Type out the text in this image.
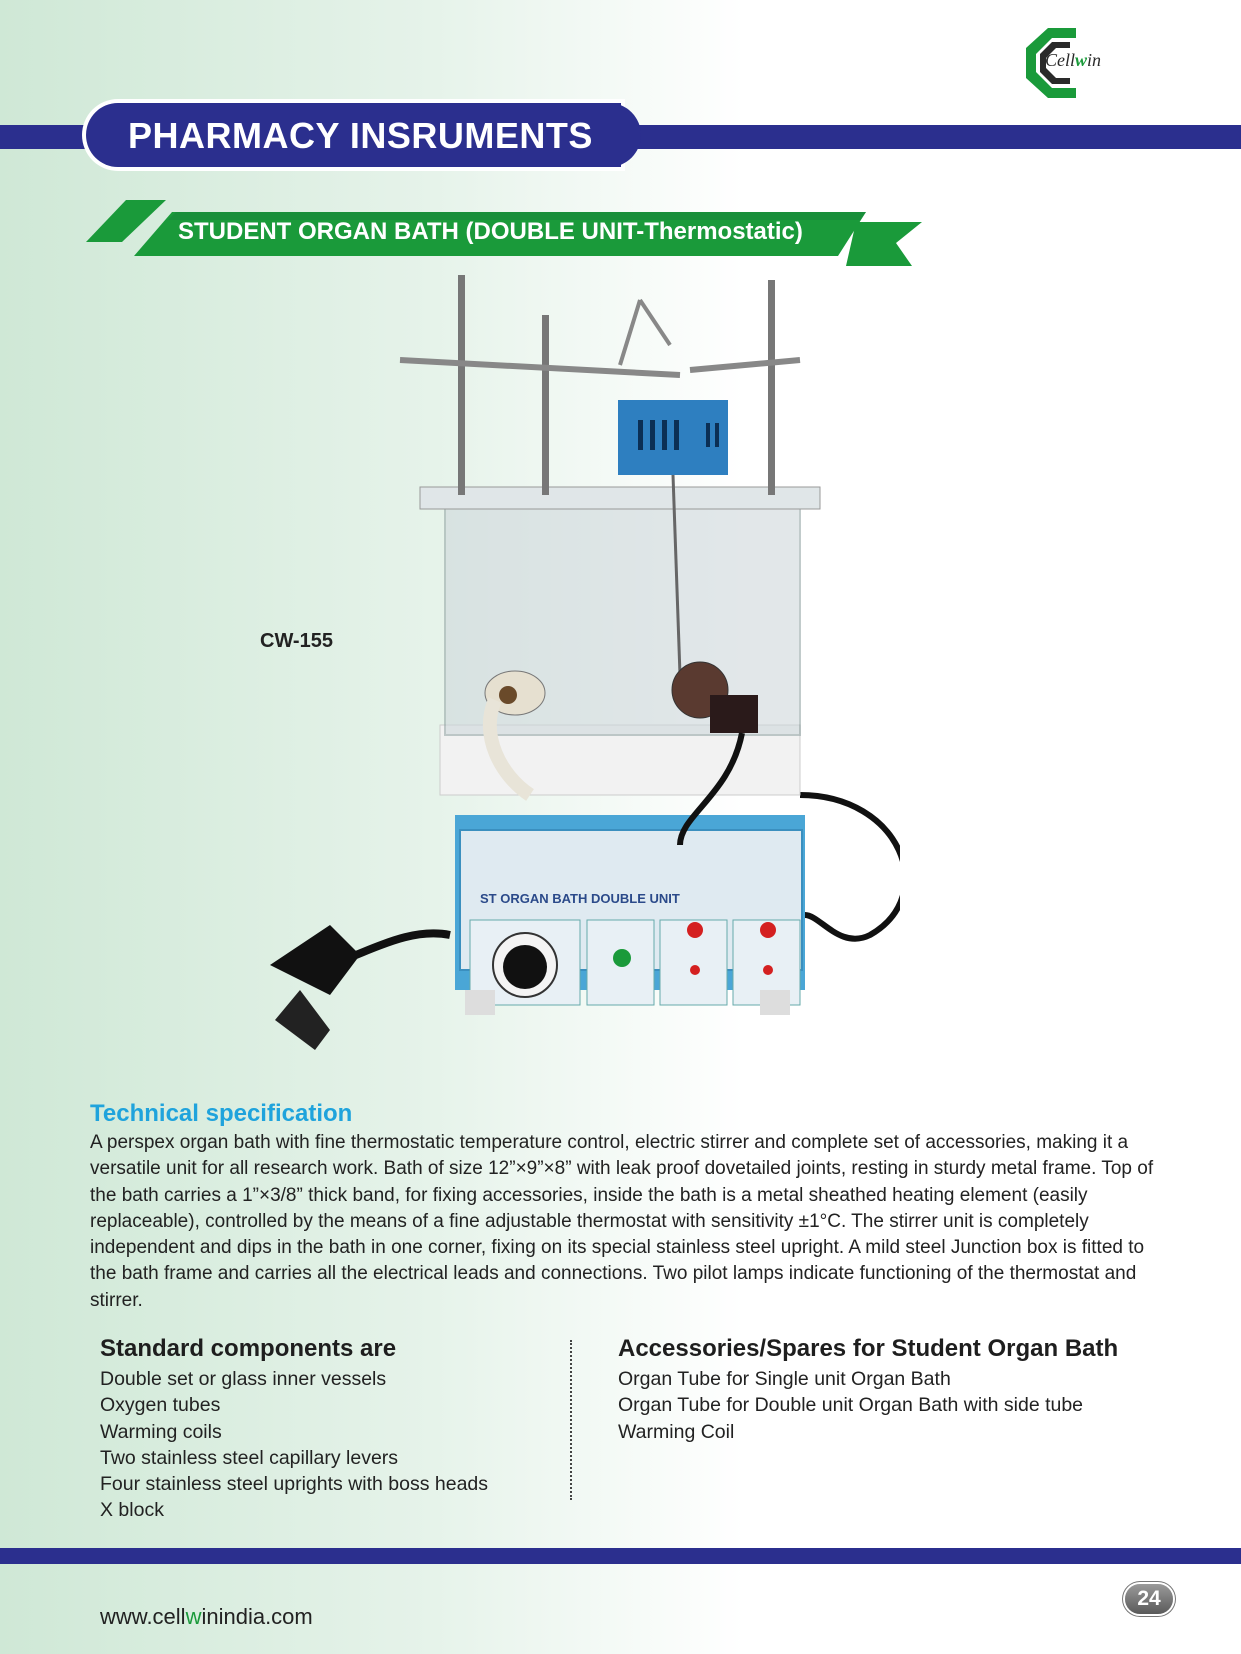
Cellwin
PHARMACY INSRUMENTS
STUDENT ORGAN BATH (DOUBLE UNIT-Thermostatic)
CW-155
ST ORGAN BATH DOUBLE UNIT
Technical specification
A perspex organ bath with fine thermostatic temperature control, electric stirrer and complete set of accessories, making it a versatile unit for all research work. Bath of size 12”×9”×8” with leak proof dovetailed joints, resting in sturdy metal frame. Top of the bath carries a 1”×3/8” thick band, for fixing accessories, inside the bath is a metal sheathed heating element (easily replaceable), controlled by the means of a fine adjustable thermostat with sensitivity ±1°C. The stirrer unit is completely independent and dips in the bath in one corner, fixing on its special stainless steel upright. A mild steel Junction box is fitted to the bath frame and carries all the electrical leads and connections. Two pilot lamps indicate functioning of the thermostat and stirrer.
Standard components are
Double set or glass inner vessels
Oxygen tubes
Warming coils
Two stainless steel capillary levers
Four stainless steel uprights with boss heads
X block
Accessories/Spares for Student Organ Bath
Organ Tube for Single unit Organ Bath
Organ Tube for Double unit Organ Bath with side tube
Warming Coil
24
www.cellwinindia.com
